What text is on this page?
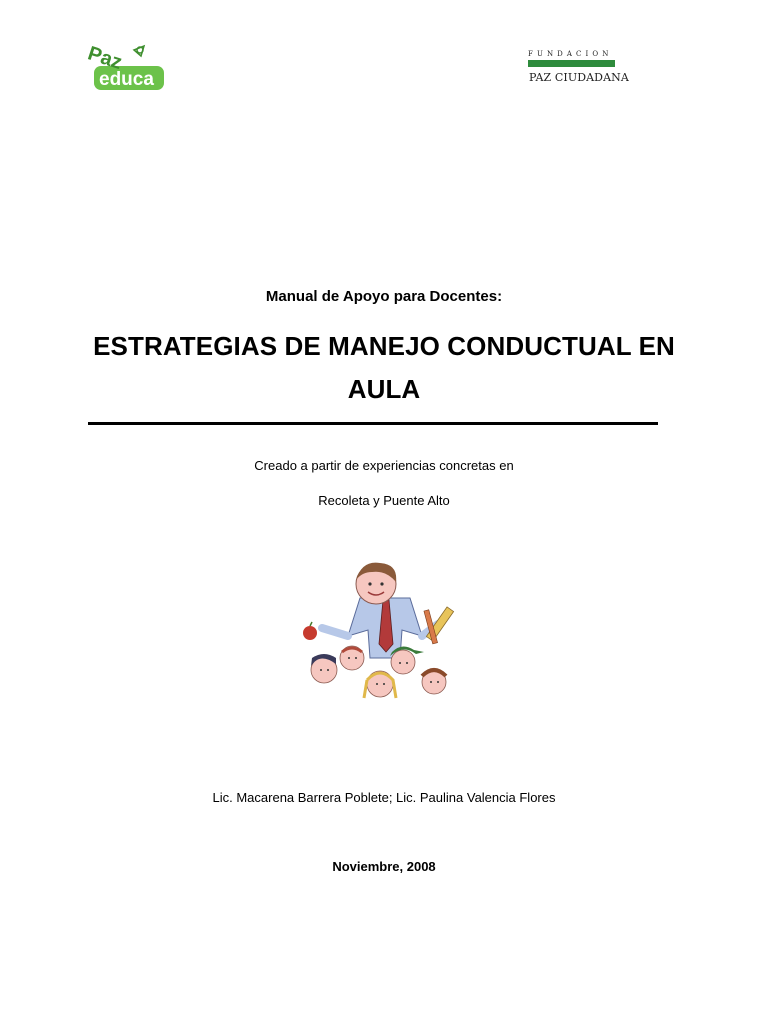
Paz
educa
FUNDACION
PAZ CIUDADANA
Manual de Apoyo para Docentes:
ESTRATEGIAS DE MANEJO CONDUCTUAL EN
AULA
Creado a partir de experiencias concretas en
Recoleta y Puente Alto
Lic. Macarena Barrera Poblete; Lic. Paulina Valencia Flores
Noviembre, 2008
